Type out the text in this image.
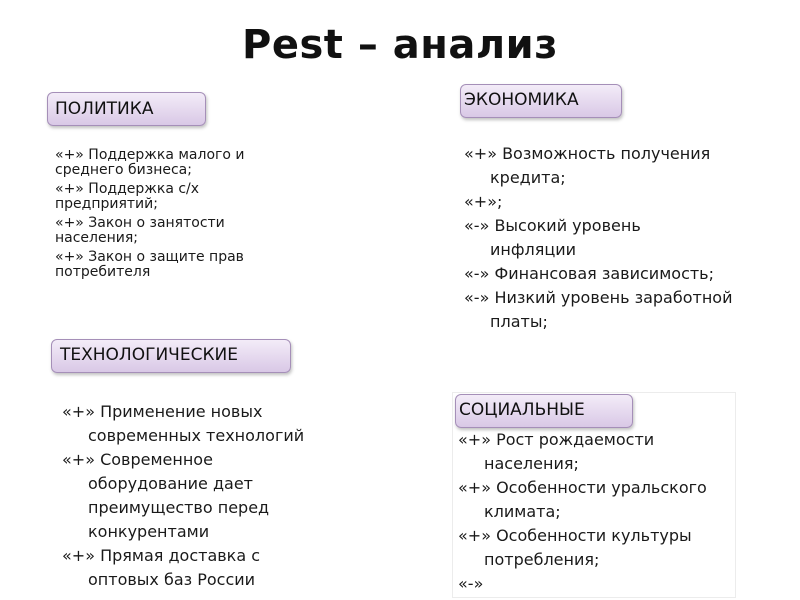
Pest – анализ
ПОЛИТИКА
«+» Поддержка малого и среднего бизнеса;
«+» Поддержка с/х предприятий;
«+» Закон о занятости населения;
«+» Закон о защите прав потребителя
ЭКОНОМИКА
«+» Возможность получения кредита;
«+»;
«-» Высокий уровень инфляции
«-» Финансовая зависимость;
«-» Низкий уровень заработной платы;
ТЕХНОЛОГИЧЕСКИЕ
«+» Применение новых современных технологий
«+» Современное оборудование дает преимущество перед конкурентами
«+» Прямая доставка с оптовых баз России
СОЦИАЛЬНЫЕ
«+» Рост рождаемости населения;
«+» Особенности уральского климата;
«+» Особенности культуры потребления;
«-»
